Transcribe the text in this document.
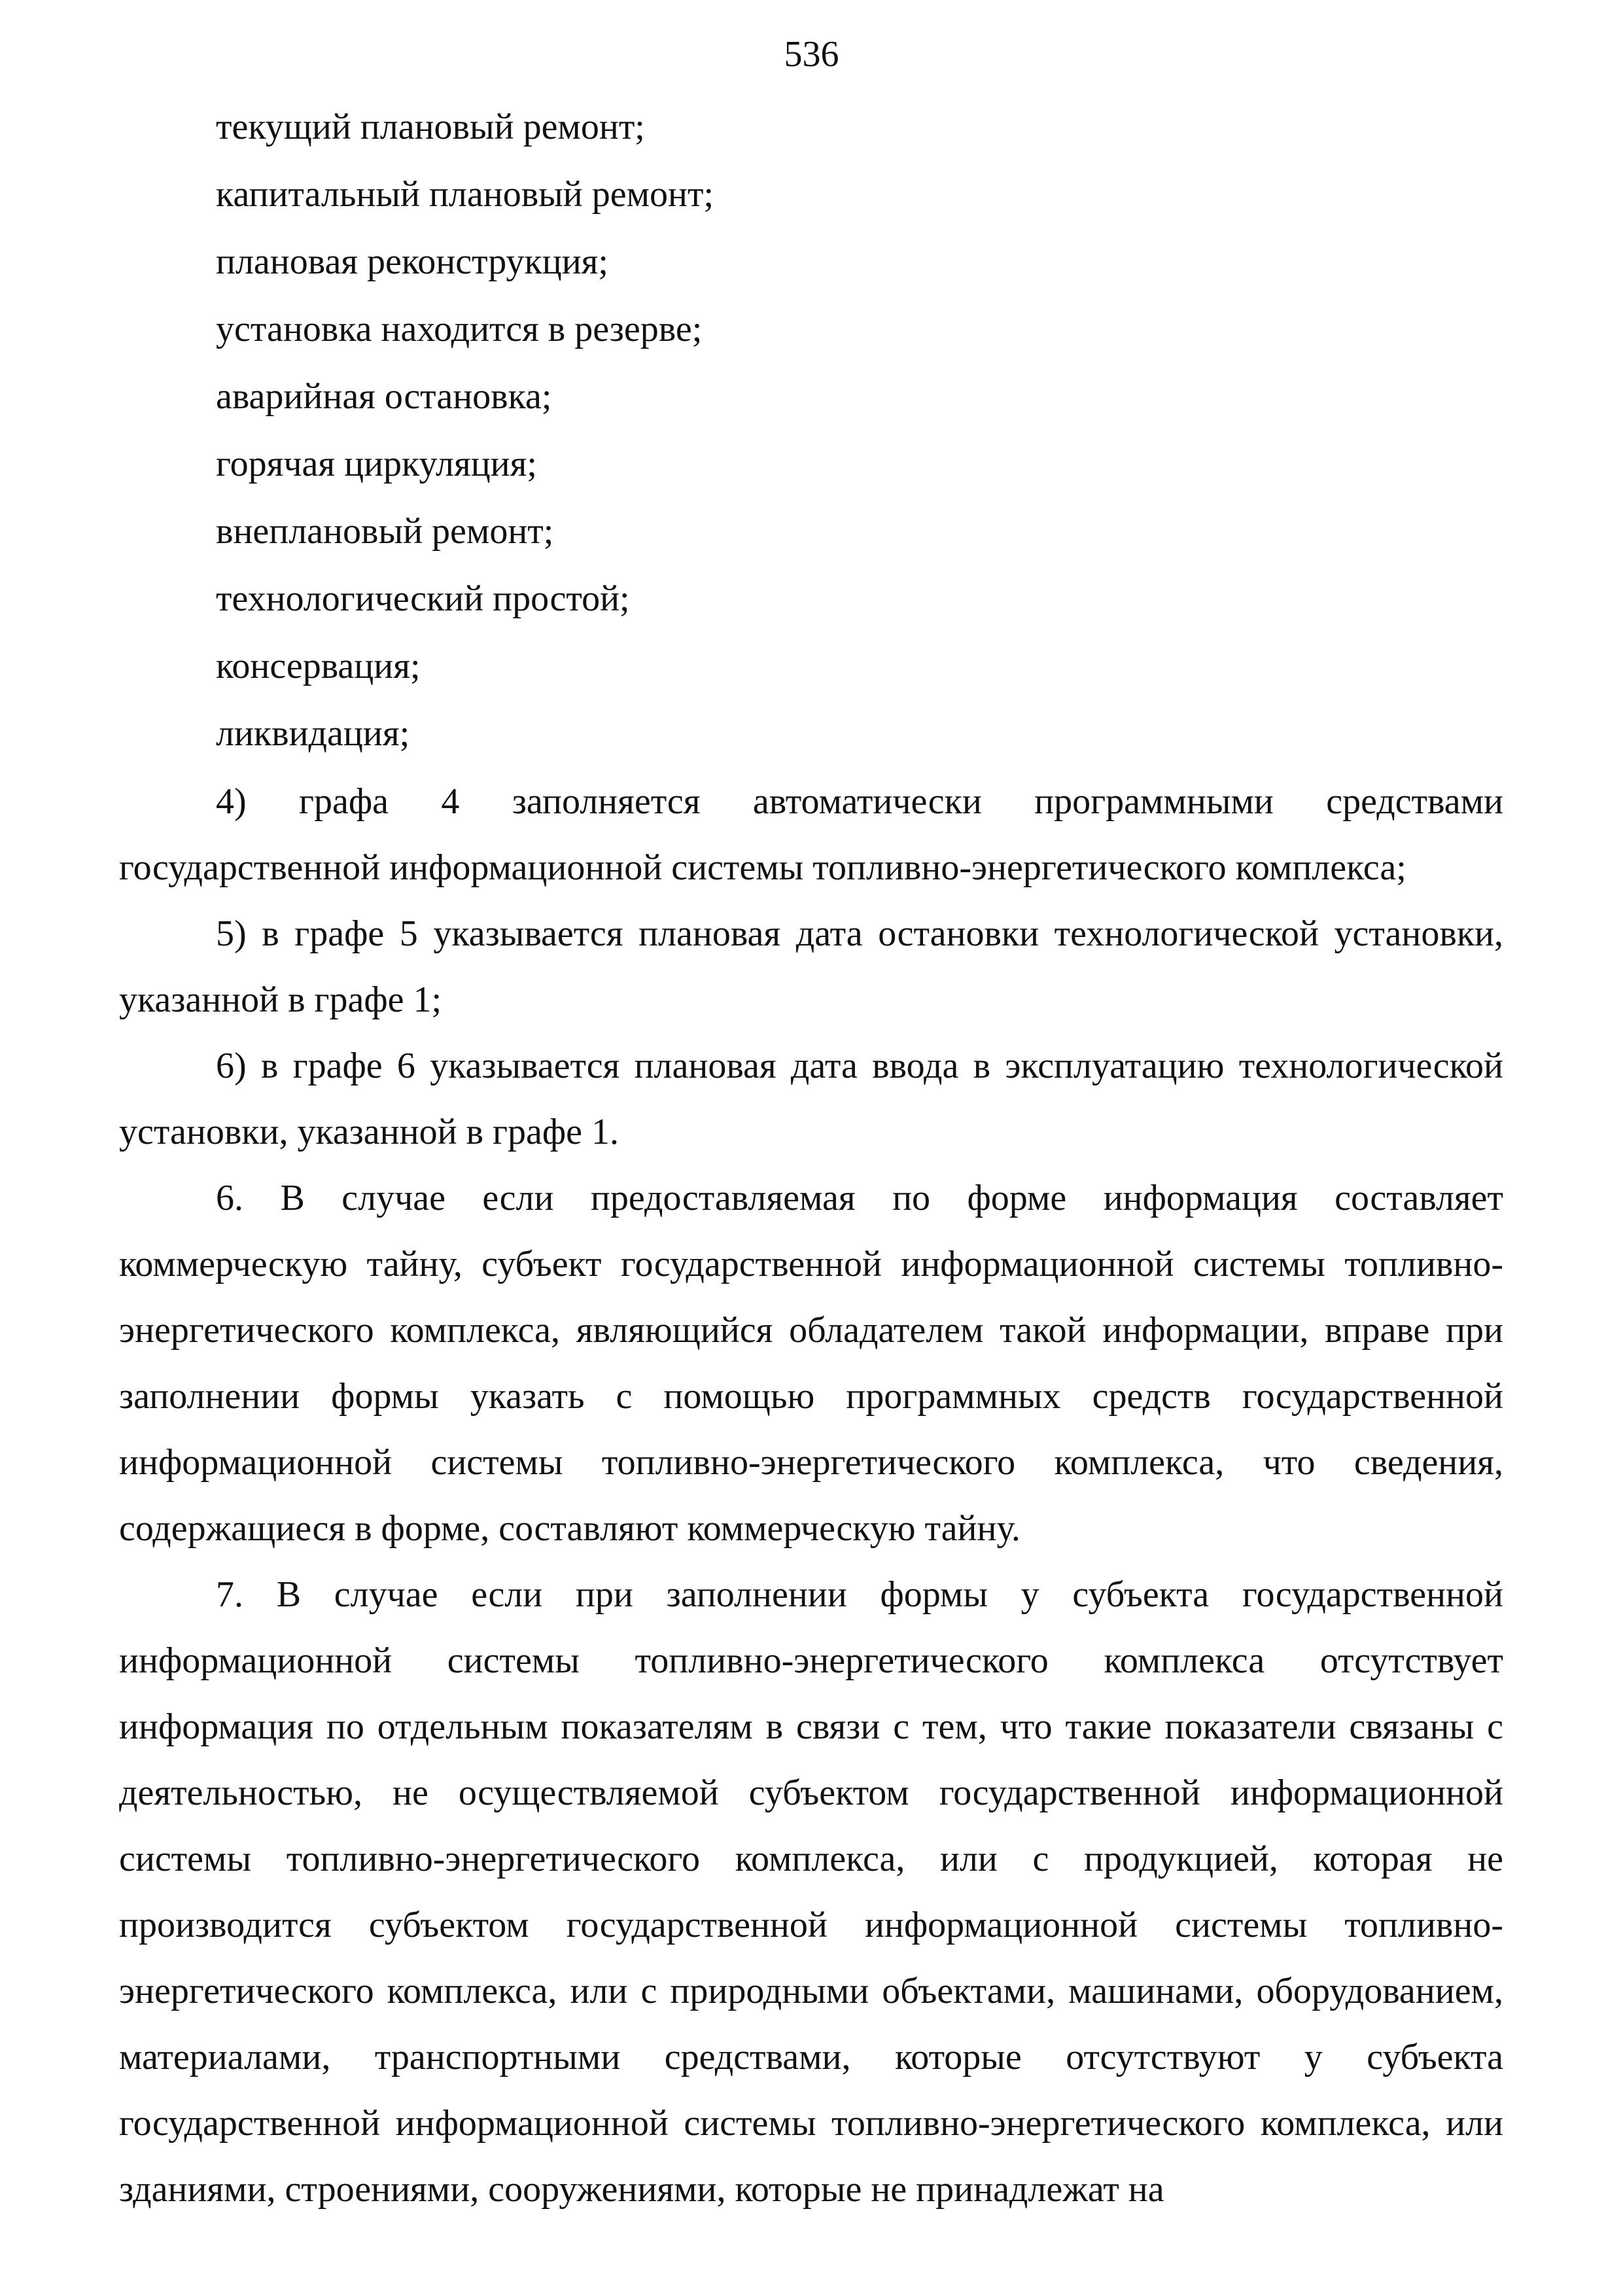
536

текущий плановый ремонт;

капитальный плановый ремонт;

плановая реконструкция;

установка находится в резерве;

аварийная остановка;

горячая циркуляция;

внеплановый ремонт;

технологический простой;

консервация;

ликвидация;

4) графа 4 заполняется автоматически программными средствами государственной информационной системы топливно-энергетического комплекса;

5) в графе 5 указывается плановая дата остановки технологической установки, указанной в графе 1;

6) в графе 6 указывается плановая дата ввода в эксплуатацию технологической установки, указанной в графе 1.

6. В случае если предоставляемая по форме информация составляет коммерческую тайну, субъект государственной информационной системы топливно-энергетического комплекса, являющийся обладателем такой информации, вправе при заполнении формы указать с помощью программных средств государственной информационной системы топливно-энергетического комплекса, что сведения, содержащиеся в форме, составляют коммерческую тайну.

7. В случае если при заполнении формы у субъекта государственной информационной системы топливно-энергетического комплекса отсутствует информация по отдельным показателям в связи с тем, что такие показатели связаны с деятельностью, не осуществляемой субъектом государственной информационной системы топливно-энергетического комплекса, или с продукцией, которая не производится субъектом государственной информационной системы топливно-энергетического комплекса, или с природными объектами, машинами, оборудованием, материалами, транспортными средствами, которые отсутствуют у субъекта государственной информационной системы топливно-энергетического комплекса, или зданиями, строениями, сооружениями, которые не принадлежат на
